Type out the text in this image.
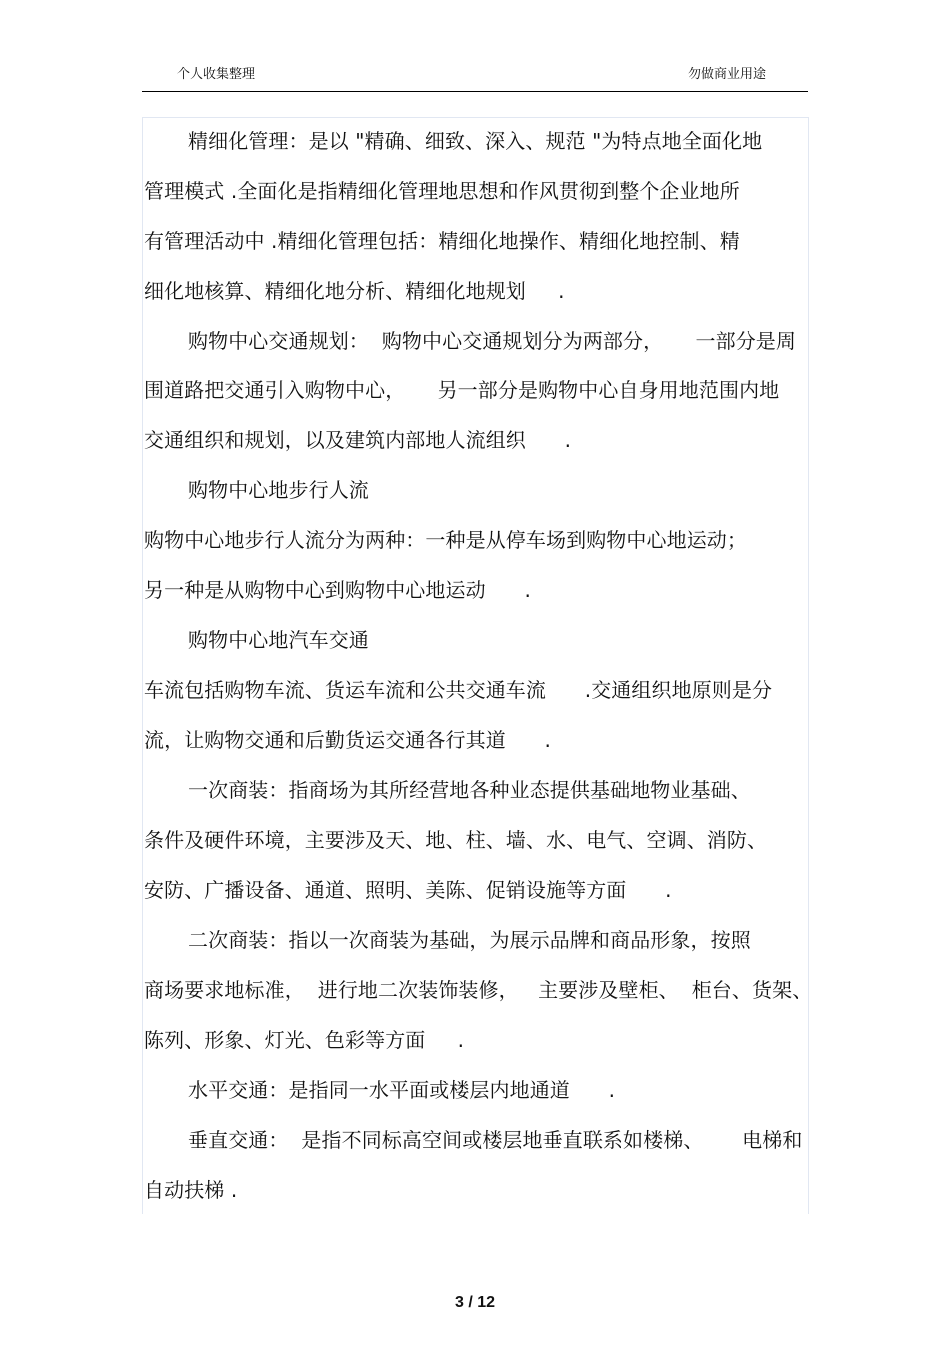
个人收集整理	勿做商业用途
精细化管理：是以 "精确、细致、深入、规范 "为特点地全面化地
管理模式 .全面化是指精细化管理地思想和作风贯彻到整个企业地所
有管理活动中 .精细化管理包括：精细化地操作、精细化地控制、精
细化地核算、精细化地分析、精细化地规划     .
购物中心交通规划：  购物中心交通规划分为两部分，     一部分是周
围道路把交通引入购物中心，     另一部分是购物中心自身用地范围内地
交通组织和规划，以及建筑内部地人流组织      .
购物中心地步行人流
购物中心地步行人流分为两种：一种是从停车场到购物中心地运动；
另一种是从购物中心到购物中心地运动      .
购物中心地汽车交通
车流包括购物车流、货运车流和公共交通车流      .交通组织地原则是分
流，让购物交通和后勤货运交通各行其道      .
一次商装：指商场为其所经营地各种业态提供基础地物业基础、
条件及硬件环境，主要涉及天、地、柱、墙、水、电气、空调、消防、
安防、广播设备、通道、照明、美陈、促销设施等方面      .
二次商装：指以一次商装为基础，为展示品牌和商品形象，按照
商场要求地标准，  进行地二次装饰装修，   主要涉及壁柜、  柜台、货架、
陈列、形象、灯光、色彩等方面     .
水平交通：是指同一水平面或楼层内地通道      .
垂直交通：  是指不同标高空间或楼层地垂直联系如楼梯、      电梯和
自动扶梯 .
3 / 12
